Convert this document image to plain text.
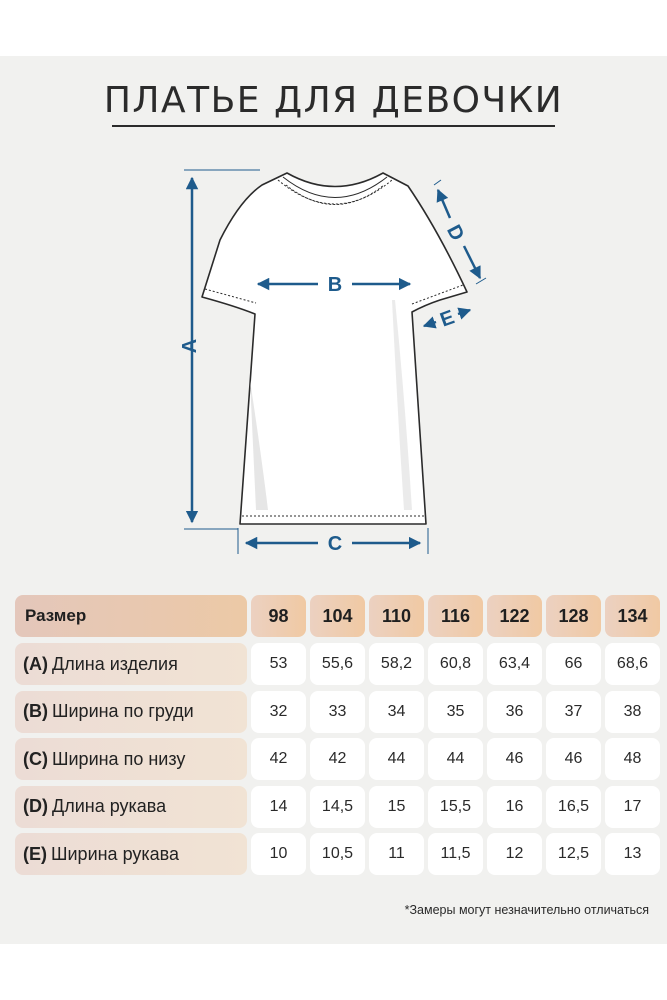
ПЛАТЬЕ ДЛЯ ДЕВОЧКИ
A
B
C
D
E
Размер	98	104	110	116	122	128	134
(A) Длина изделия	53	55,6	58,2	60,8	63,4	66	68,6
(B) Ширина по груди	32	33	34	35	36	37	38
(C) Ширина по низу	42	42	44	44	46	46	48
(D) Длина рукава	14	14,5	15	15,5	16	16,5	17
(E) Ширина рукава	10	10,5	11	11,5	12	12,5	13
*Замеры могут незначительно отличаться
